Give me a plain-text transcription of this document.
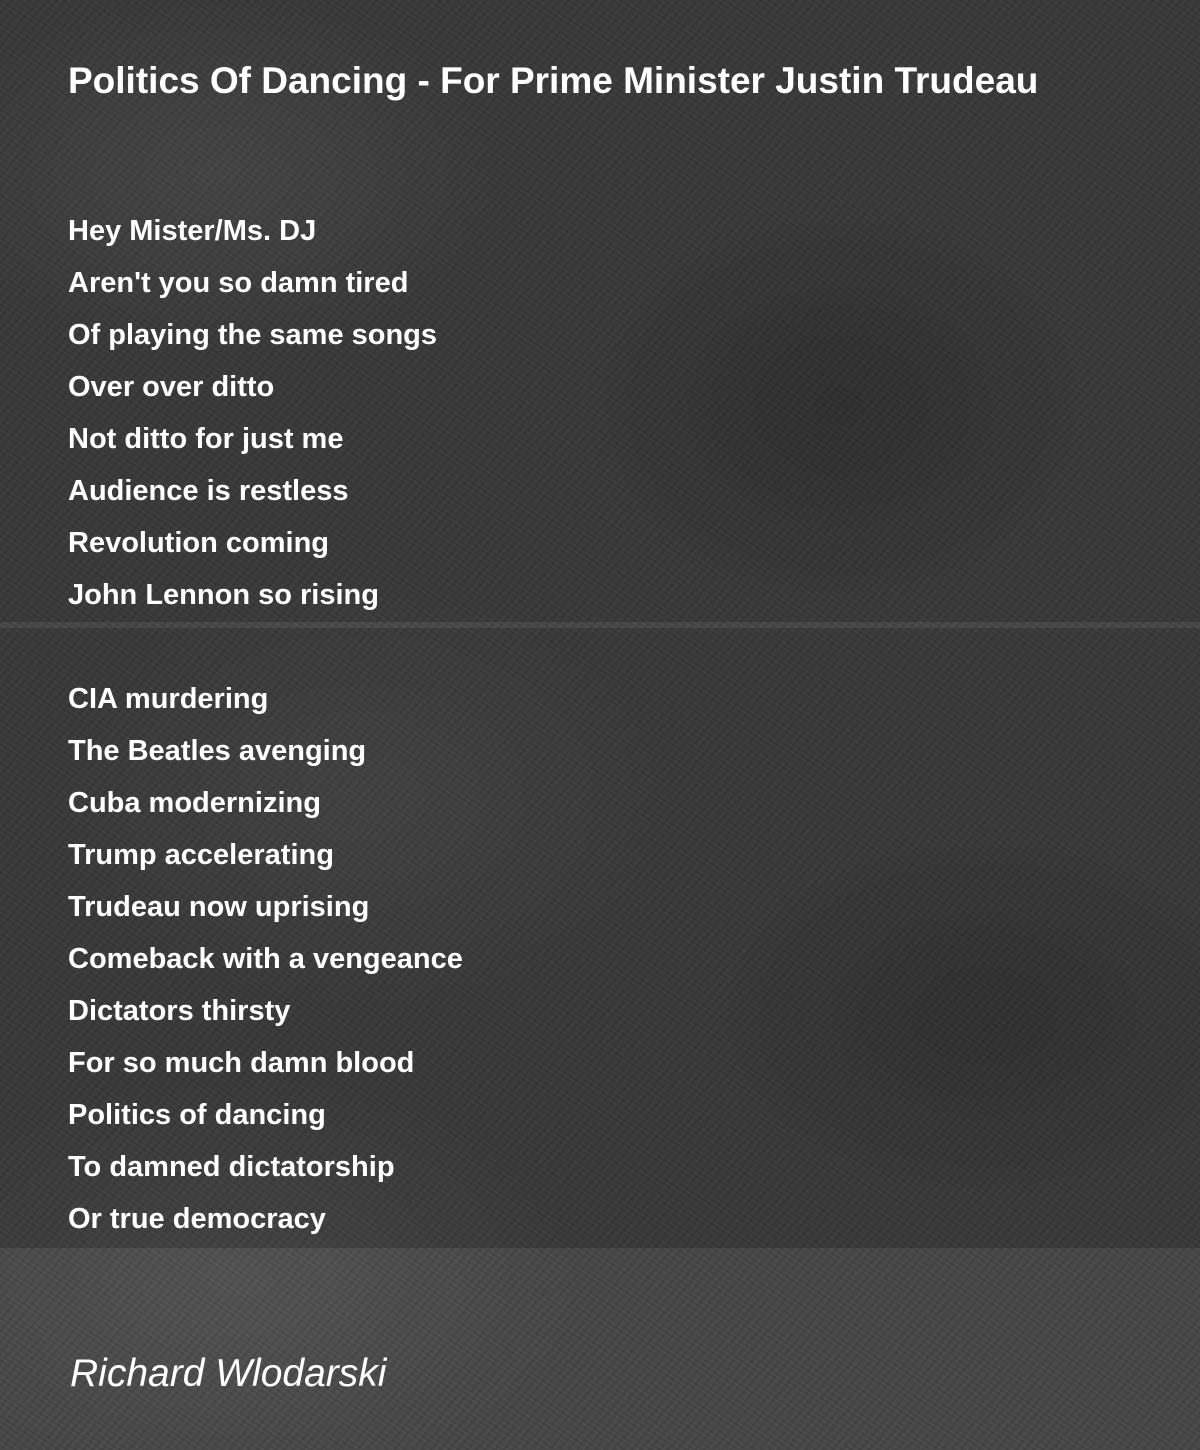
Politics Of Dancing - For Prime Minister Justin Trudeau
Hey Mister/Ms. DJ
Aren't you so damn tired
Of playing the same songs
Over over ditto
Not ditto for just me
Audience is restless
Revolution coming
John Lennon so rising
CIA murdering
The Beatles avenging
Cuba modernizing
Trump accelerating
Trudeau now uprising
Comeback with a vengeance
Dictators thirsty
For so much damn blood
Politics of dancing
To damned dictatorship
Or true democracy
Richard Wlodarski
